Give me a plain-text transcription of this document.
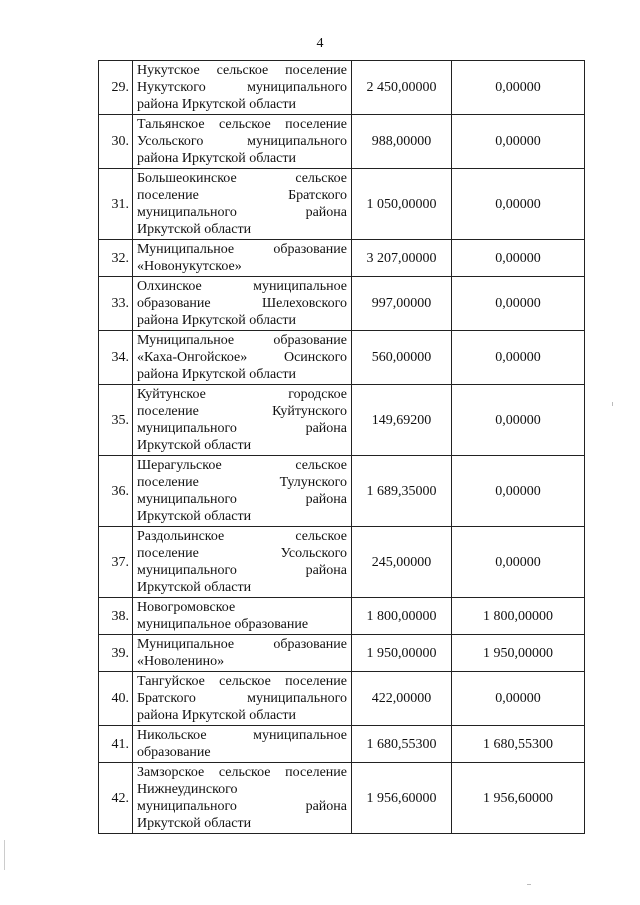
4
29.	Нукутское сельское поселение
Нукутского муниципального
района Иркутской области	2 450,00000	0,00000
30.	Тальянское сельское поселение
Усольского муниципального
района Иркутской области	988,00000	0,00000
31.	Большеокинское сельское
поселение Братского
муниципального района
Иркутской области	1 050,00000	0,00000
32.	Муниципальное образование
«Новонукутское»	3 207,00000	0,00000
33.	Олхинское муниципальное
образование Шелеховского
района Иркутской области	997,00000	0,00000
34.	Муниципальное образование
«Каха-Онгойское» Осинского
района Иркутской области	560,00000	0,00000
35.	Куйтунское городское
поселение Куйтунского
муниципального района
Иркутской области	149,69200	0,00000
36.	Шерагульское сельское
поселение Тулунского
муниципального района
Иркутской области	1 689,35000	0,00000
37.	Раздольинское сельское
поселение Усольского
муниципального района
Иркутской области	245,00000	0,00000
38.	Новогромовское
муниципальное образование	1 800,00000	1 800,00000
39.	Муниципальное образование
«Новоленино»	1 950,00000	1 950,00000
40.	Тангуйское сельское поселение
Братского муниципального
района Иркутской области	422,00000	0,00000
41.	Никольское муниципальное
образование	1 680,55300	1 680,55300
42.	Замзорское сельское поселение
Нижнеудинского
муниципального района
Иркутской области	1 956,60000	1 956,60000
